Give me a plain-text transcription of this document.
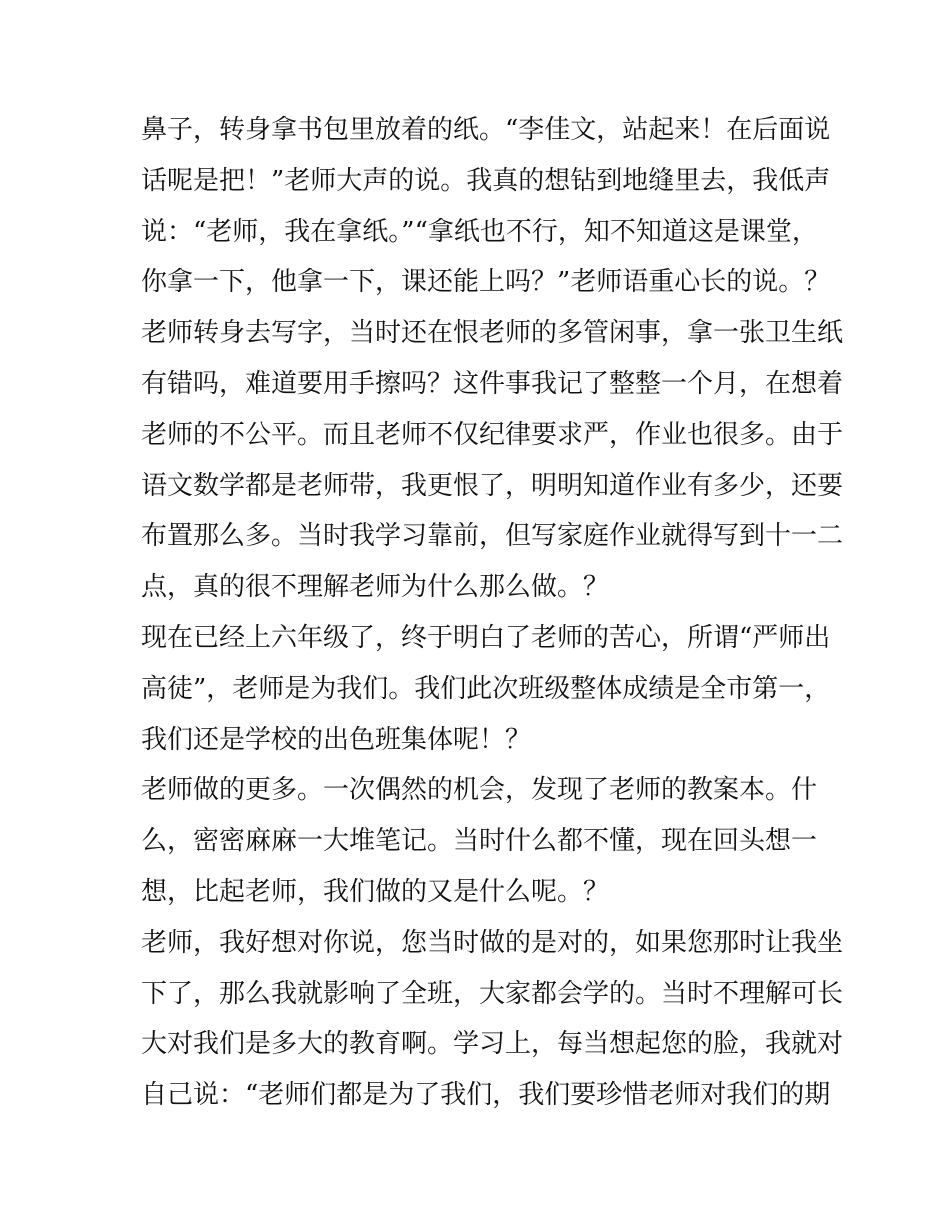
鼻子，转身拿书包里放着的纸。“李佳文，站起来！在后面说
话呢是把！”老师大声的说。我真的想钻到地缝里去，我低声
说：“老师，我在拿纸。”“拿纸也不行，知不知道这是课堂，
你拿一下，他拿一下，课还能上吗？”老师语重心长的说。？
老师转身去写字，当时还在恨老师的多管闲事，拿一张卫生纸
有错吗，难道要用手擦吗？这件事我记了整整一个月，在想着
老师的不公平。而且老师不仅纪律要求严，作业也很多。由于
语文数学都是老师带，我更恨了，明明知道作业有多少，还要
布置那么多。当时我学习靠前，但写家庭作业就得写到十一二
点，真的很不理解老师为什么那么做。？
现在已经上六年级了，终于明白了老师的苦心，所谓“严师出
高徒”，老师是为我们。我们此次班级整体成绩是全市第一，
我们还是学校的出色班集体呢！？
老师做的更多。一次偶然的机会，发现了老师的教案本。什
么，密密麻麻一大堆笔记。当时什么都不懂，现在回头想一
想，比起老师，我们做的又是什么呢。？
老师，我好想对你说，您当时做的是对的，如果您那时让我坐
下了，那么我就影响了全班，大家都会学的。当时不理解可长
大对我们是多大的教育啊。学习上，每当想起您的脸，我就对
自己说：“老师们都是为了我们，我们要珍惜老师对我们的期
